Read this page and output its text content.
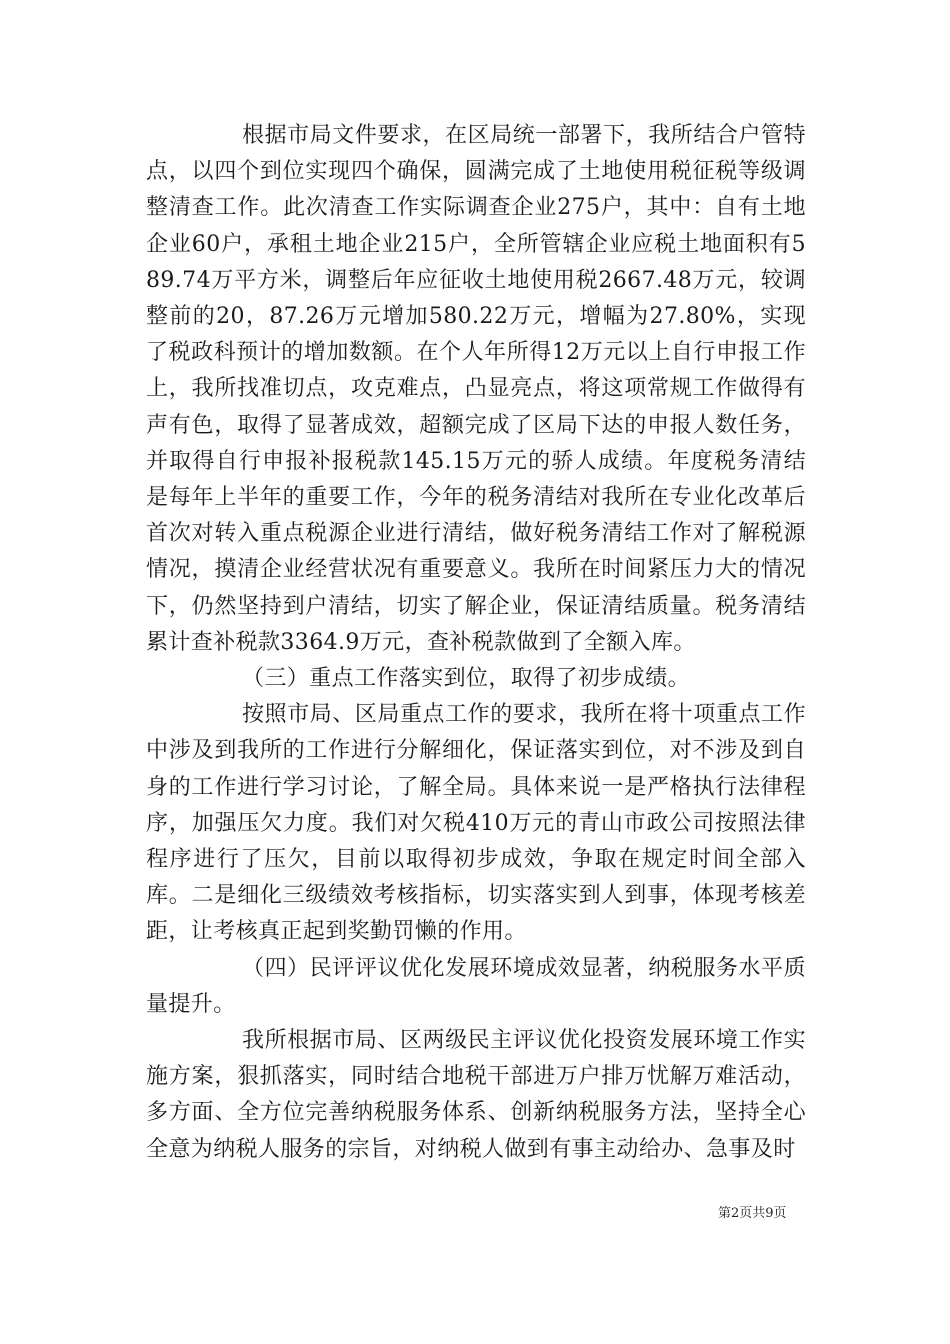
根据市局文件要求，在区局统一部署下，我所结合户管特点，以四个到位实现四个确保，圆满完成了土地使用税征税等级调整清查工作。此次清查工作实际调查企业275户，其中：自有土地企业60户，承租土地企业215户，全所管辖企业应税土地面积有589.74万平方米，调整后年应征收土地使用税2667.48万元，较调整前的20，87.26万元增加580.22万元，增幅为27.80%，实现了税政科预计的增加数额。在个人年所得12万元以上自行申报工作上，我所找准切点，攻克难点，凸显亮点，将这项常规工作做得有声有色，取得了显著成效，超额完成了区局下达的申报人数任务，并取得自行申报补报税款145.15万元的骄人成绩。年度税务清结是每年上半年的重要工作，今年的税务清结对我所在专业化改革后首次对转入重点税源企业进行清结，做好税务清结工作对了解税源情况，摸清企业经营状况有重要意义。我所在时间紧压力大的情况下，仍然坚持到户清结，切实了解企业，保证清结质量。税务清结累计查补税款3364.9万元，查补税款做到了全额入库。

（三）重点工作落实到位，取得了初步成绩。

按照市局、区局重点工作的要求，我所在将十项重点工作中涉及到我所的工作进行分解细化，保证落实到位，对不涉及到自身的工作进行学习讨论，了解全局。具体来说一是严格执行法律程序，加强压欠力度。我们对欠税410万元的青山市政公司按照法律程序进行了压欠，目前以取得初步成效，争取在规定时间全部入库。二是细化三级绩效考核指标，切实落实到人到事，体现考核差距，让考核真正起到奖勤罚懒的作用。

（四）民评评议优化发展环境成效显著，纳税服务水平质量提升。

我所根据市局、区两级民主评议优化投资发展环境工作实施方案，狠抓落实，同时结合地税干部进万户排万忧解万难活动，多方面、全方位完善纳税服务体系、创新纳税服务方法，坚持全心全意为纳税人服务的宗旨，对纳税人做到有事主动给办、急事及时

第2页共9页
